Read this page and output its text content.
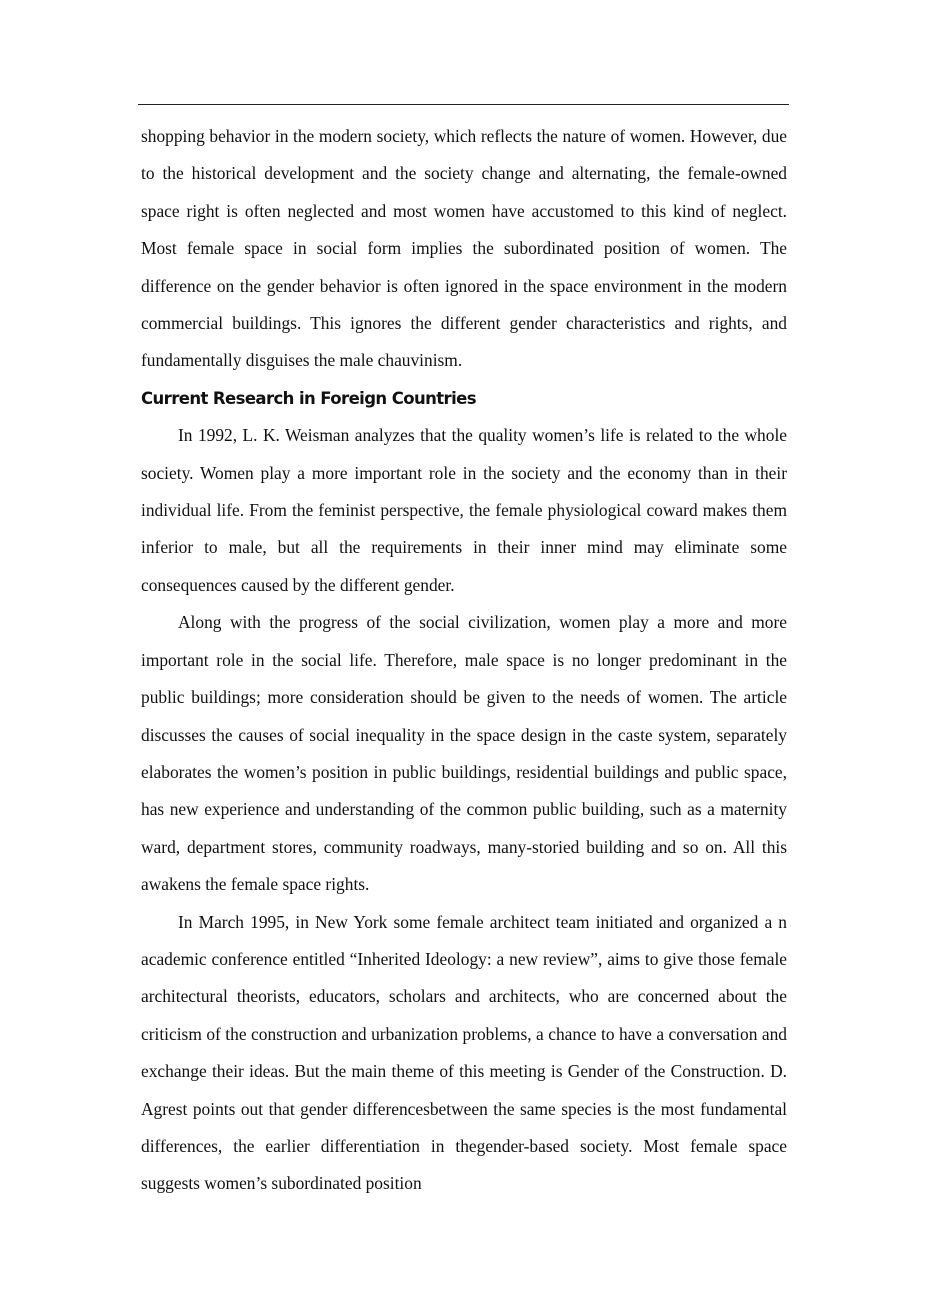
shopping behavior in the modern society, which reflects the nature of women. However, due to the historical development and the society change and alternating, the female-owned space right is often neglected and most women have accustomed to this kind of neglect. Most female space in social form implies the subordinated position of women. The difference on the gender behavior is often ignored in the space environment in the modern commercial buildings. This ignores the different gender characteristics and rights, and fundamentally disguises the male chauvinism.

Current Research in Foreign Countries

In 1992, L. K. Weisman analyzes that the quality women’s life is related to the whole society. Women play a more important role in the society and the economy than in their individual life. From the feminist perspective, the female physiological coward makes them inferior to male, but all the requirements in their inner mind may eliminate some consequences caused by the different gender.

Along with the progress of the social civilization, women play a more and more important role in the social life. Therefore, male space is no longer predominant in the public buildings; more consideration should be given to the needs of women. The article discusses the causes of social inequality in the space design in the caste system, separately elaborates the women’s position in public buildings, residential buildings and public space, has new experience and understanding of the common public building, such as a maternity ward, department stores, community roadways, many-storied building and so on. All this awakens the female space rights.

In March 1995, in New York some female architect team initiated and organized a n academic conference entitled “Inherited Ideology: a new review”, aims to give those female architectural theorists, educators, scholars and architects, who are concerned about the criticism of the construction and urbanization problems, a chance to have a conversation and exchange their ideas. But the main theme of this meeting is Gender of the Construction. D. Agrest points out that gender differencesbetween the same species is the most fundamental differences, the earlier differentiation in thegender-based society. Most female space suggests women’s subordinated position
